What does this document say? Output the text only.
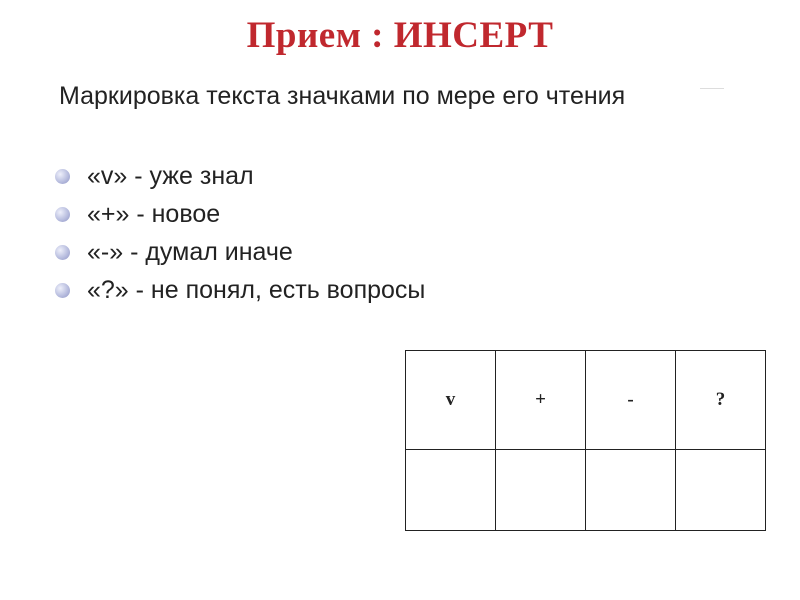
Прием : ИНСЕРТ
Маркировка текста значками по мере его чтения
«v» - уже знал
«+» - новое
«-» - думал иначе
«?» - не понял, есть вопросы
v	+	-	?
